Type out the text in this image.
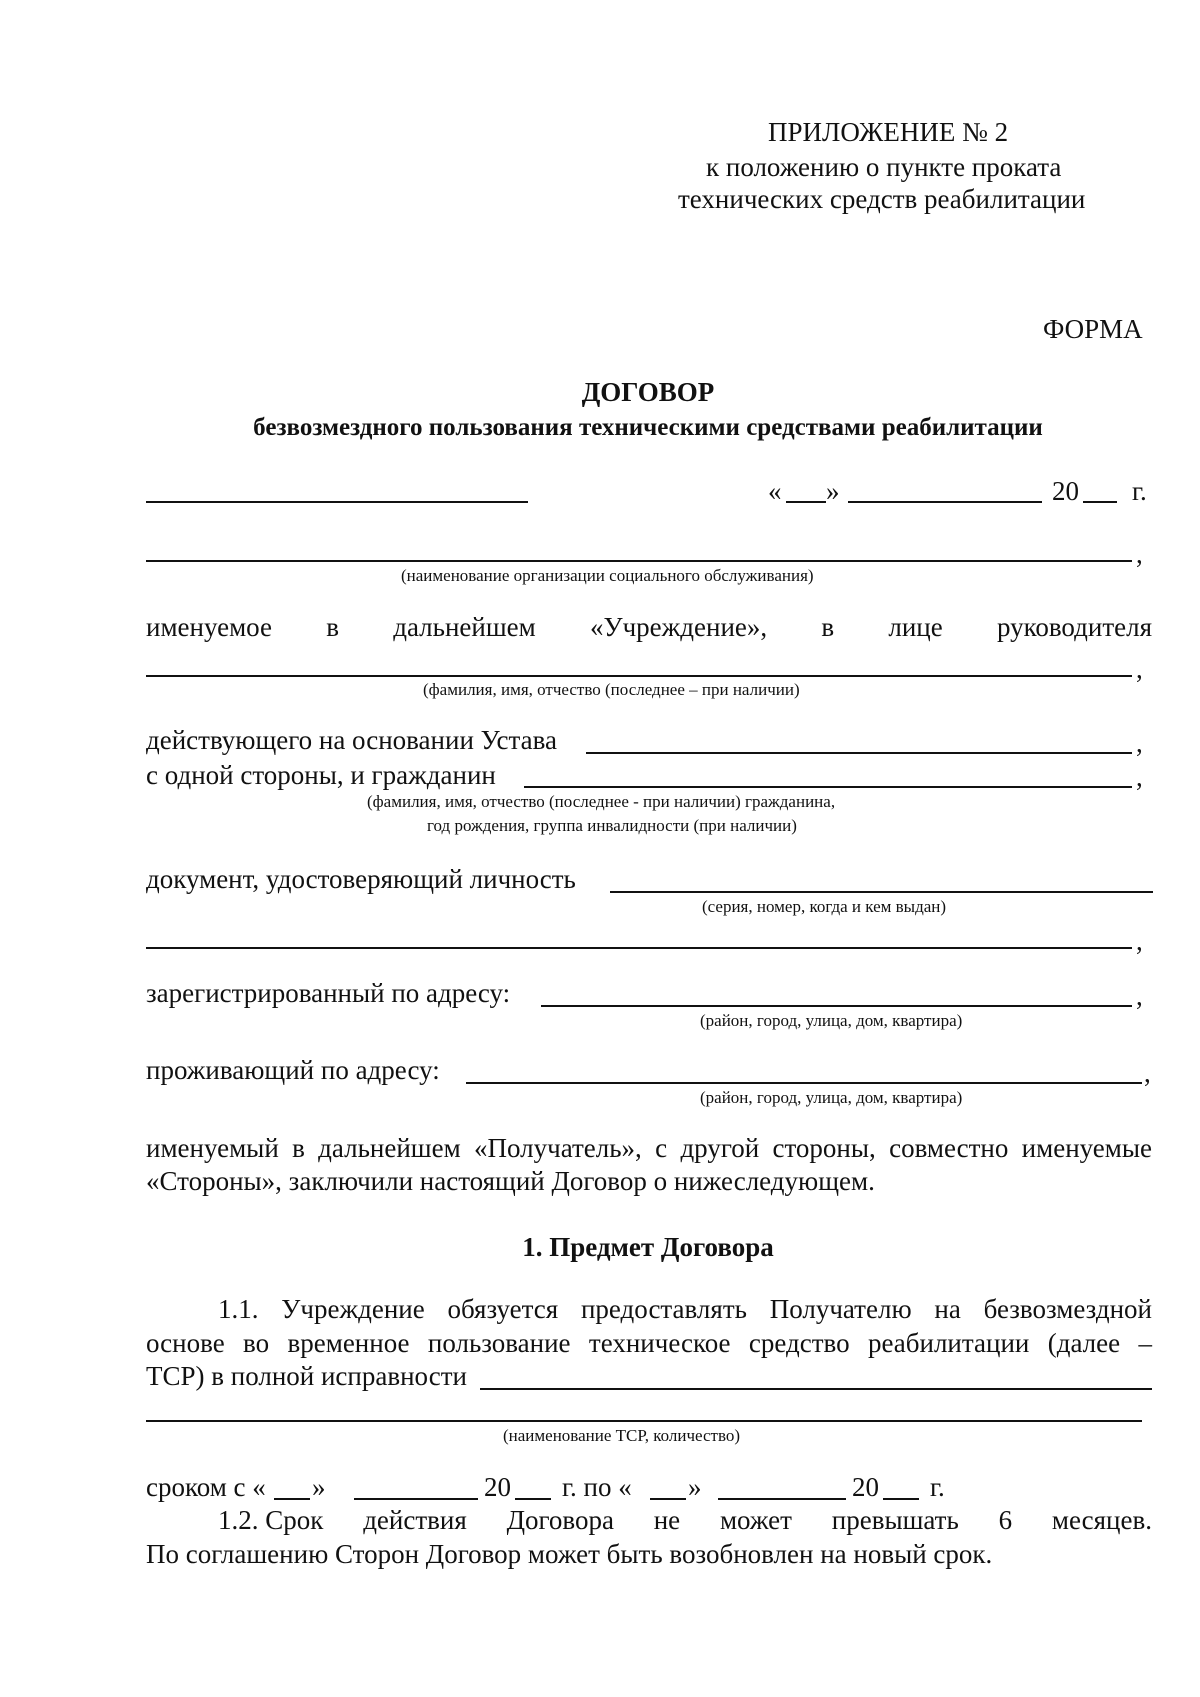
ПРИЛОЖЕНИЕ № 2
к положению о пункте проката
технических средств реабилитации
ФОРМА
ДОГОВОР
безвозмездного пользования техническими средствами реабилитации
« »	20 г.
,
(наименование организации социального обслуживания)
именуемое в дальнейшем «Учреждение», в лице руководителя
,
(фамилия, имя, отчество (последнее – при наличии)
действующего на основании Устава	,
с одной стороны, и гражданин	,
(фамилия, имя, отчество (последнее - при наличии) гражданина,
год рождения, группа инвалидности (при наличии)
документ, удостоверяющий личность
(серия, номер, когда и кем выдан)
,
зарегистрированный по адресу:	,
(район, город, улица, дом, квартира)
проживающий по адресу:	,
(район, город, улица, дом, квартира)
именуемый в дальнейшем «Получатель», с другой стороны, совместно именуемые
«Стороны», заключили настоящий Договор о нижеследующем.
1. Предмет Договора
1.1. Учреждение обязуется предоставлять Получателю на безвозмездной
основе во временное пользование техническое средство реабилитации (далее –
ТСР) в полной исправности
(наименование ТСР, количество)
сроком с « »	20 г. по « »	20 г.
1.2. Срок действия Договора не может превышать 6 месяцев.
По соглашению Сторон Договор может быть возобновлен на новый срок.
